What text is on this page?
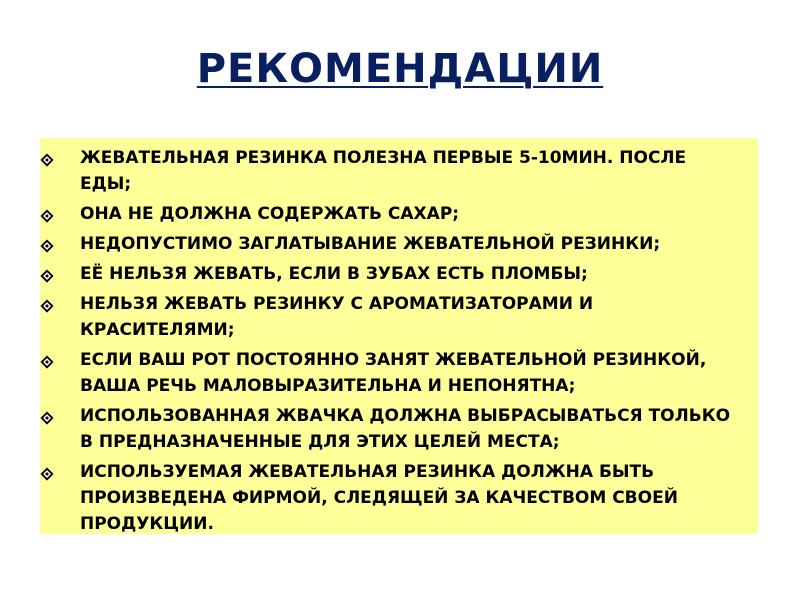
РЕКОМЕНДАЦИИ
ЖЕВАТЕЛЬНАЯ РЕЗИНКА ПОЛЕЗНА ПЕРВЫЕ 5-10МИН. ПОСЛЕ ЕДЫ;
ОНА НЕ ДОЛЖНА СОДЕРЖАТЬ САХАР;
НЕДОПУСТИМО ЗАГЛАТЫВАНИЕ ЖЕВАТЕЛЬНОЙ РЕЗИНКИ;
ЕЁ НЕЛЬЗЯ ЖЕВАТЬ, ЕСЛИ В ЗУБАХ ЕСТЬ ПЛОМБЫ;
НЕЛЬЗЯ ЖЕВАТЬ РЕЗИНКУ С АРОМАТИЗАТОРАМИ И КРАСИТЕЛЯМИ;
ЕСЛИ ВАШ РОТ ПОСТОЯННО ЗАНЯТ ЖЕВАТЕЛЬНОЙ РЕЗИНКОЙ, ВАША РЕЧЬ МАЛОВЫРАЗИТЕЛЬНА И НЕПОНЯТНА;
ИСПОЛЬЗОВАННАЯ ЖВАЧКА ДОЛЖНА ВЫБРАСЫВАТЬСЯ ТОЛЬКО В ПРЕДНАЗНАЧЕННЫЕ ДЛЯ ЭТИХ ЦЕЛЕЙ МЕСТА;
ИСПОЛЬЗУЕМАЯ ЖЕВАТЕЛЬНАЯ РЕЗИНКА ДОЛЖНА БЫТЬ ПРОИЗВЕДЕНА ФИРМОЙ, СЛЕДЯЩЕЙ ЗА КАЧЕСТВОМ СВОЕЙ ПРОДУКЦИИ.
